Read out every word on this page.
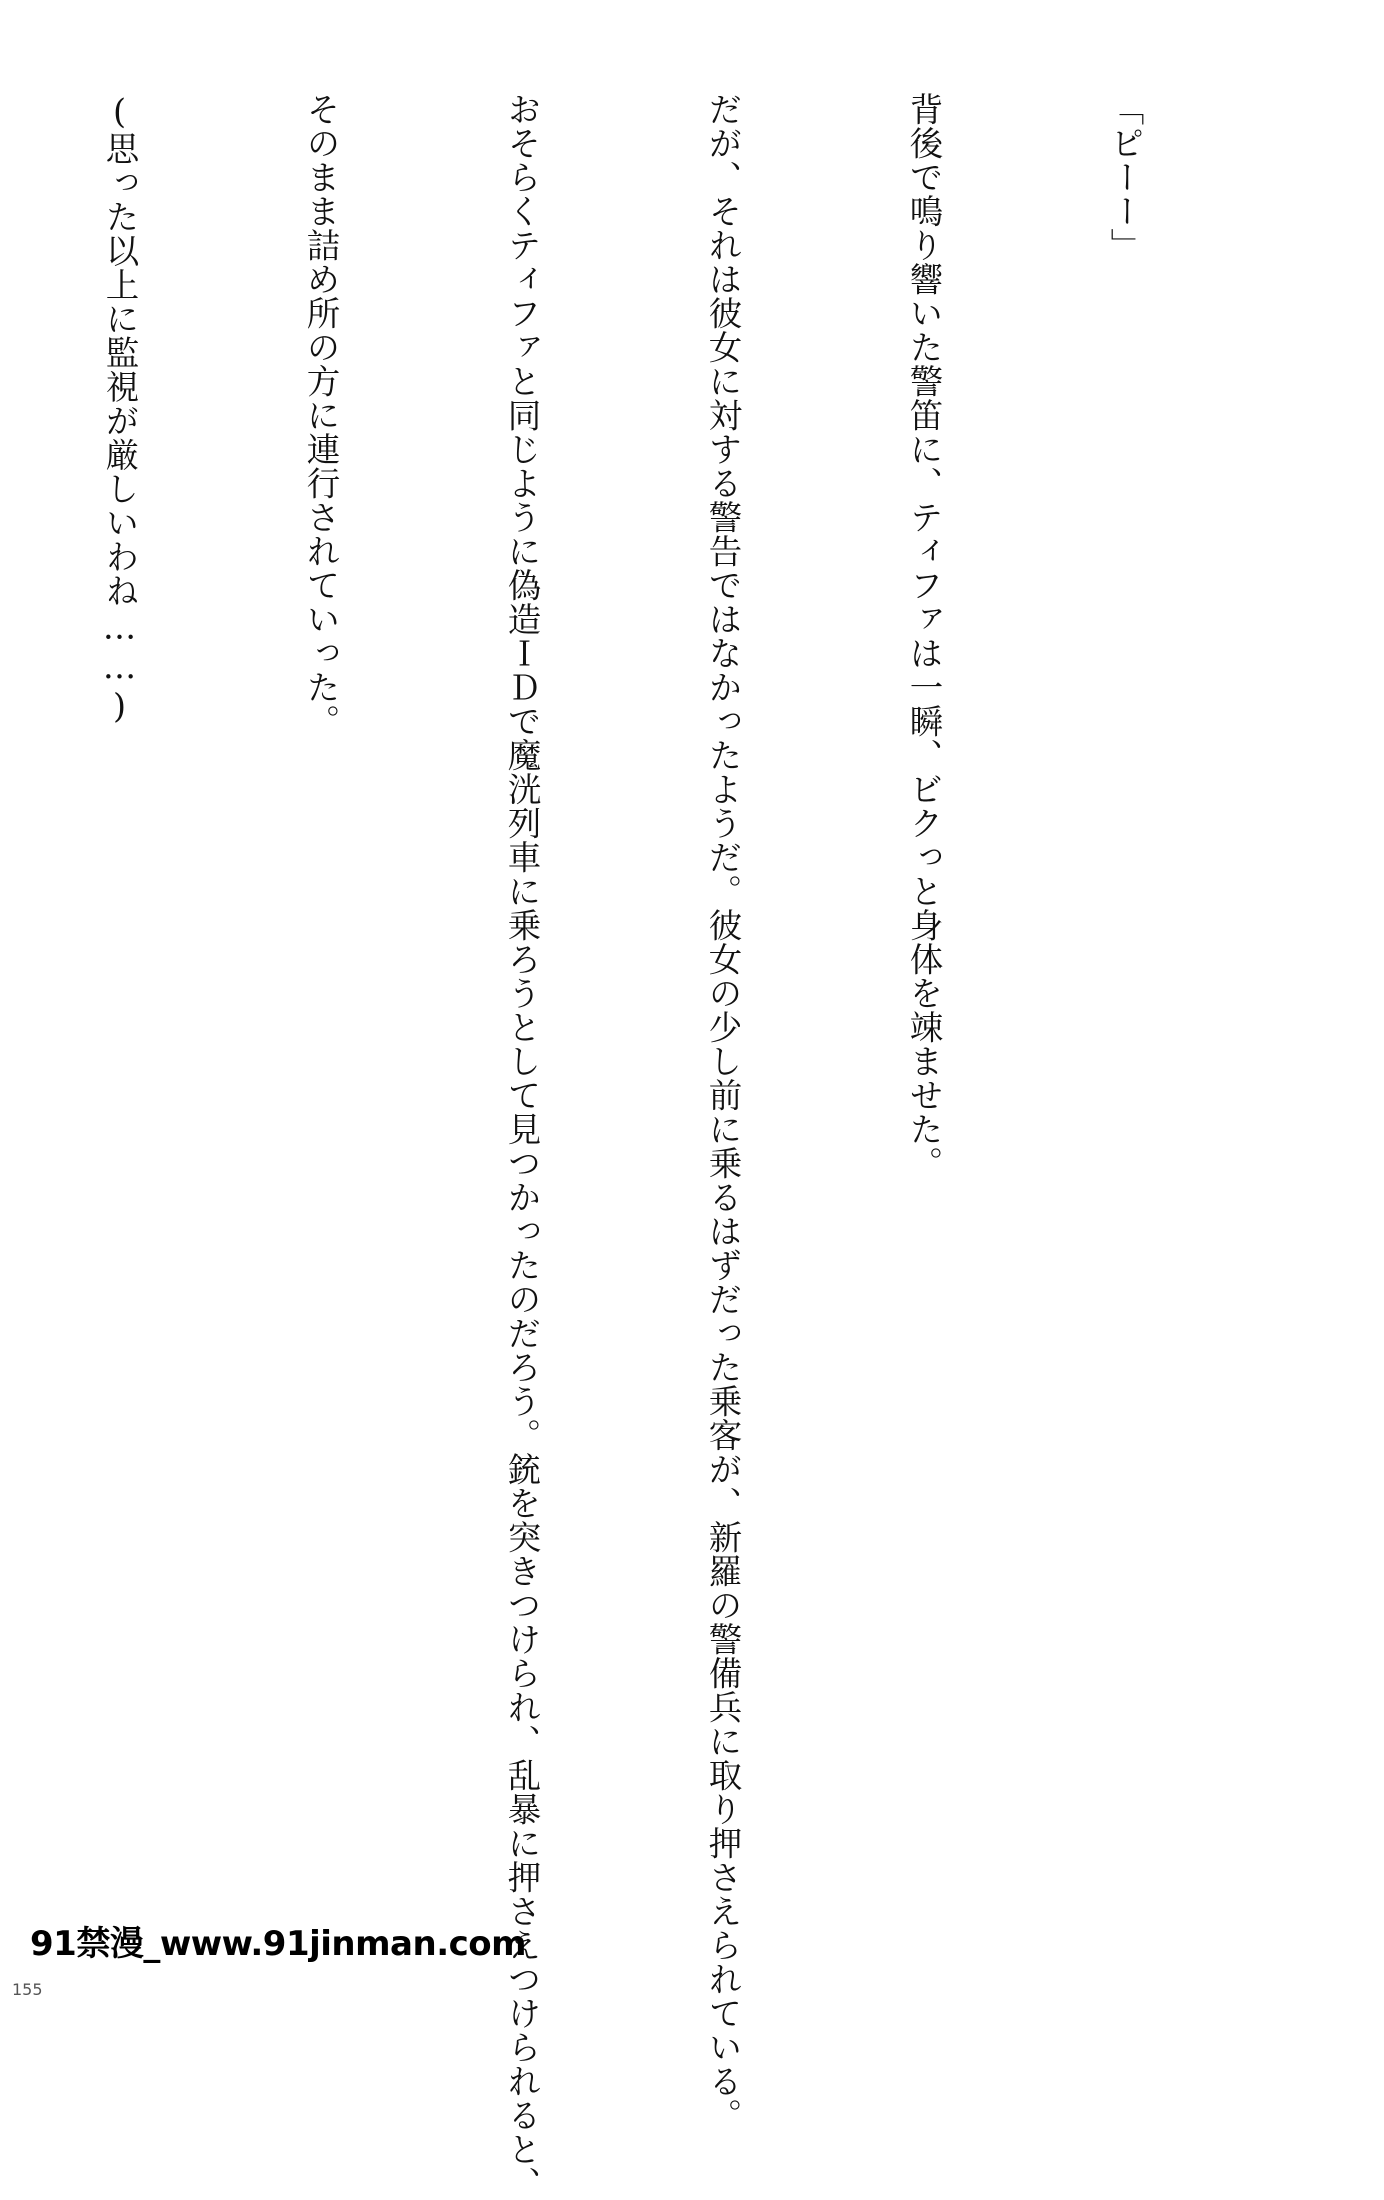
「ピーー」

背後で鳴り響いた警笛に、ティファは一瞬、ビクっと身体を竦ませた。

だが、それは彼女に対する警告ではなかったようだ。彼女の少し前に乗るはずだった乗客が、新羅の警備兵に取り押さえられている。

おそらくティファと同じように偽造ＩＤで魔洸列車に乗ろうとして見つかったのだろう。銃を突きつけられ、乱暴に押さえつけられると、

そのまま詰め所の方に連行されていった。

(思った以上に監視が厳しいわね……)

91禁漫_www.91jinman.com
155
